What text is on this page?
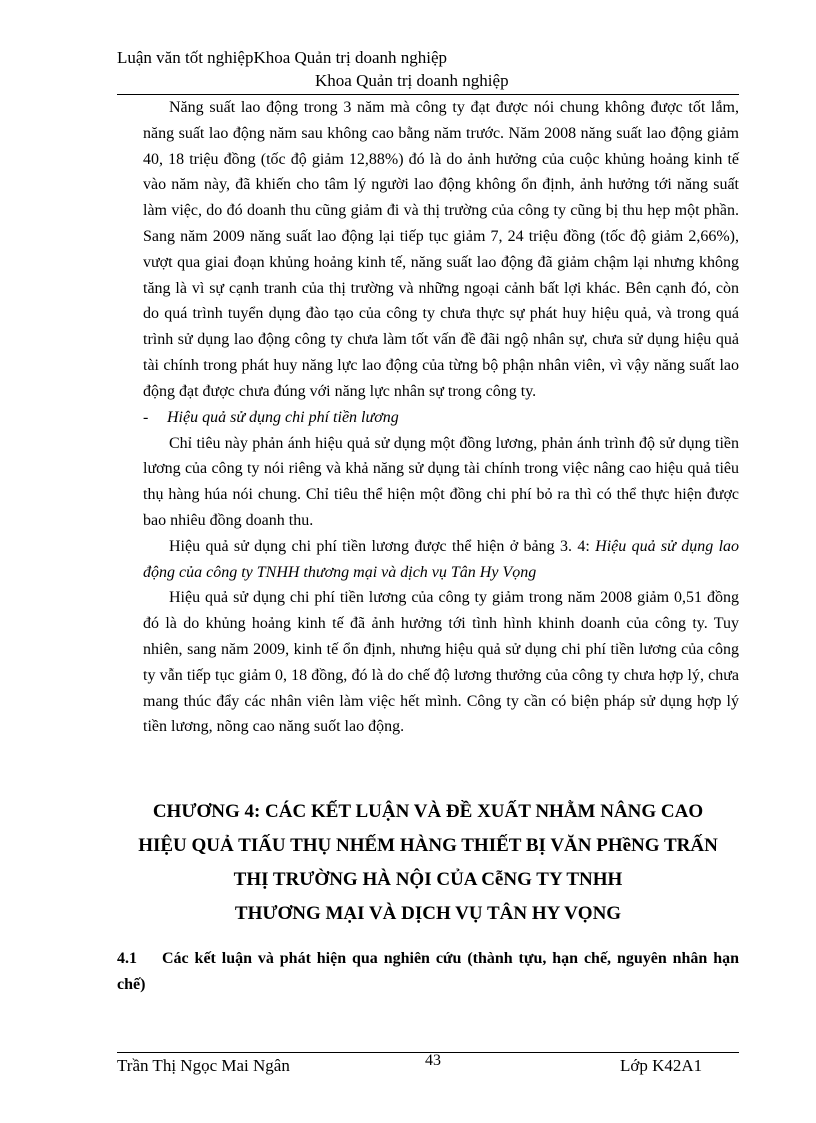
Luận văn tốt nghiệpKhoa Quản trị doanh nghiệp
Khoa Quản trị doanh nghiệp

Năng suất lao động trong 3 năm mà công ty đạt được nói chung không được tốt lắm, năng suất lao động năm sau không cao bằng năm trước. Năm 2008 năng suất lao động giảm 40, 18 triệu đồng (tốc độ giảm 12,88%) đó là do ảnh hưởng của cuộc khủng hoảng kinh tế vào năm này, đã khiến cho tâm lý người lao động không ổn định, ảnh hưởng tới năng suất làm việc, do đó doanh thu cũng giảm đi và thị trường của công ty cũng bị thu hẹp một phần. Sang năm 2009 năng suất lao động lại tiếp tục giảm 7, 24 triệu đồng (tốc độ giảm 2,66%), vượt qua giai đoạn khủng hoảng kinh tế, năng suất lao động đã giảm chậm lại nhưng không tăng là vì sự cạnh tranh của thị trường và những ngoại cảnh bất lợi khác. Bên cạnh đó, còn do quá trình tuyển dụng đào tạo của công ty chưa thực sự phát huy hiệu quả, và trong quá trình sử dụng lao động công ty chưa làm tốt vấn đề đãi ngộ nhân sự, chưa sử dụng hiệu quả tài chính trong phát huy năng lực lao động của từng bộ phận nhân viên, vì vậy năng suất lao động đạt được chưa đúng với năng lực nhân sự trong công ty.

-	Hiệu quả sử dụng chi phí tiền lương

Chỉ tiêu này phản ánh hiệu quả sử dụng một đồng lương, phản ánh trình độ sử dụng tiền lương của công ty nói riêng và khả năng sử dụng tài chính trong việc nâng cao hiệu quả tiêu thụ hàng húa nói chung. Chỉ tiêu thể hiện một đồng chi phí bỏ ra thì có thể thực hiện được bao nhiêu đồng doanh thu.

Hiệu quả sử dụng chi phí tiền lương được thể hiện ở bảng 3. 4: Hiệu quả sử dụng lao động của công ty TNHH thương mại và dịch vụ Tân Hy Vọng

Hiệu quả sử dụng chi phí tiền lương của công ty giảm trong năm 2008 giảm 0,51 đồng đó là do khủng hoảng kinh tế đã ảnh hưởng tới tình hình khinh doanh của công ty. Tuy nhiên, sang năm 2009, kinh tế ổn định, nhưng hiệu quả sử dụng chi phí tiền lương của công ty vẫn tiếp tục giảm 0, 18 đồng, đó là do chế độ lương thưởng của công ty chưa hợp lý, chưa mang thúc đẩy các nhân viên làm việc hết mình. Công ty cần có biện pháp sử dụng hợp lý tiền lương, nõng cao năng suốt lao động.

CHƯƠNG 4: CÁC KẾT LUẬN VÀ ĐỀ XUẤT NHẰM NÂNG CAO
HIỆU QUẢ TIẤU THỤ NHẾM HÀNG THIẾT BỊ VĂN PHềNG TRẤN
THỊ TRƯỜNG HÀ NỘI CỦA CễNG TY TNHH
THƯƠNG MẠI VÀ DỊCH VỤ TÂN HY VỌNG
4.1 Các kết luận và phát hiện qua nghiên cứu (thành tựu, hạn chế, nguyên nhân hạn chế)
Trần Thị Ngọc Mai Ngân	43	Lớp K42A1
